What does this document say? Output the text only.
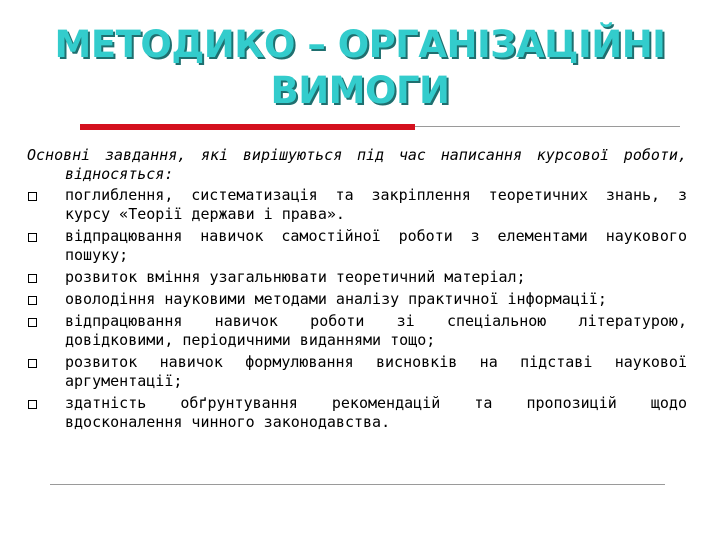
МЕТОДИКО – ОРГАНІЗАЦІЙНІ
ВИМОГИ

Основні завдання, які вирішуються під час написання курсової роботи, відносяться:

поглиблення, систематизація та закріплення теоретичних знань, з курсу «Теорії держави і права».
відпрацювання навичок самостійної роботи з елементами наукового пошуку;
розвиток вміння узагальнювати теоретичний матеріал;
оволодіння науковими методами аналізу практичної інформації;
відпрацювання навичок роботи зі спеціальною літературою, довідковими, періодичними виданнями тощо;
розвиток навичок формулювання висновків на підставі наукової аргументації;
здатність обґрунтування рекомендацій та пропозицій щодо вдосконалення чинного законодавства.
